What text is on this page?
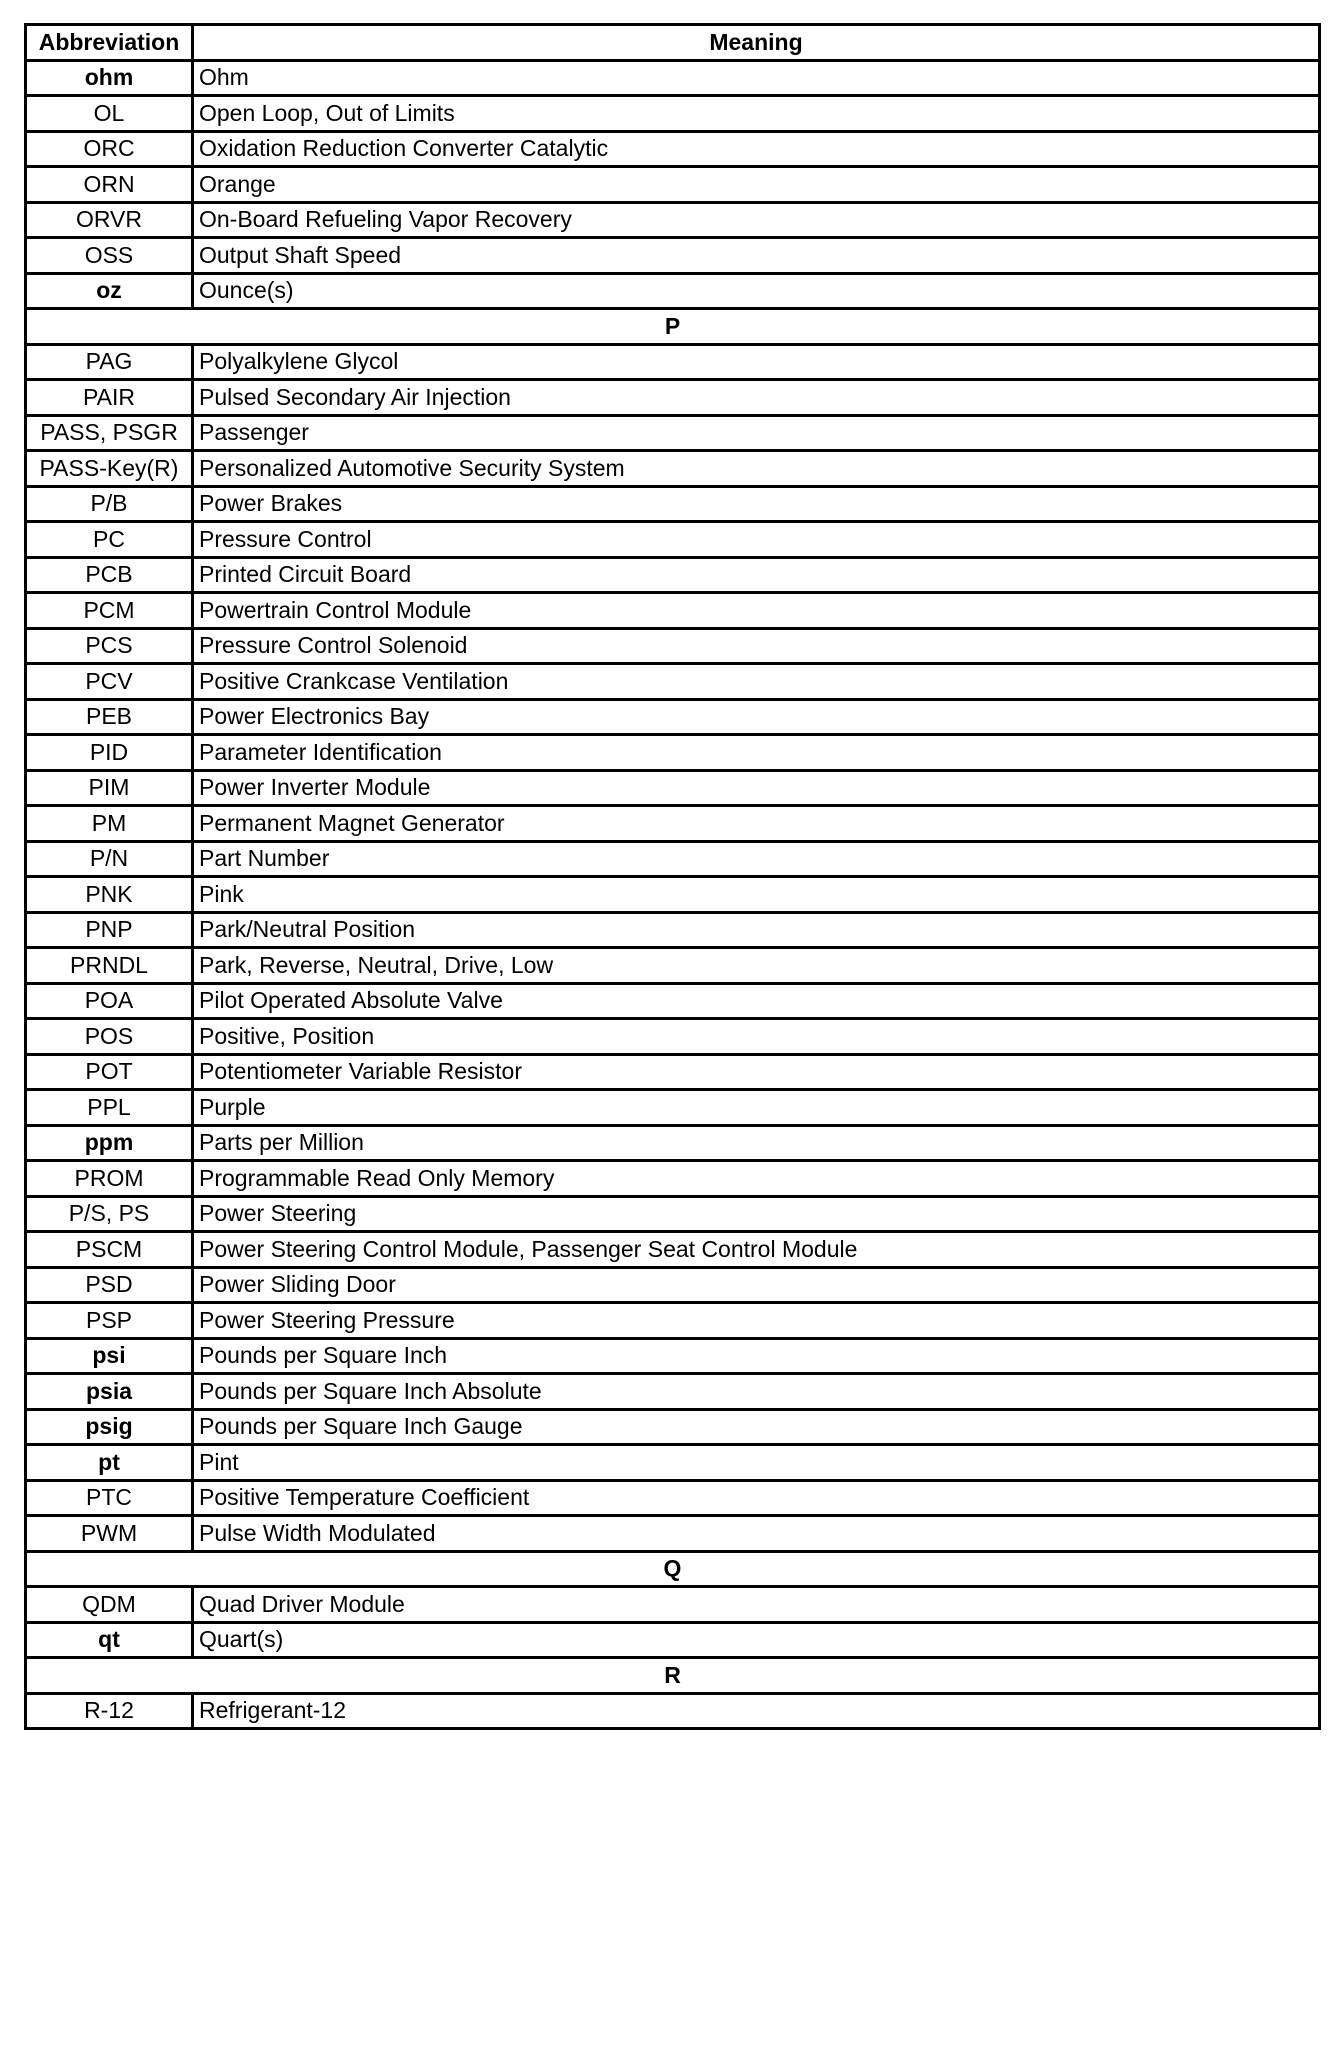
Abbreviation	Meaning
ohm	Ohm
OL	Open Loop, Out of Limits
ORC	Oxidation Reduction Converter Catalytic
ORN	Orange
ORVR	On-Board Refueling Vapor Recovery
OSS	Output Shaft Speed
oz	Ounce(s)
P	
PAG	Polyalkylene Glycol
PAIR	Pulsed Secondary Air Injection
PASS, PSGR	Passenger
PASS-Key(R)	Personalized Automotive Security System
P/B	Power Brakes
PC	Pressure Control
PCB	Printed Circuit Board
PCM	Powertrain Control Module
PCS	Pressure Control Solenoid
PCV	Positive Crankcase Ventilation
PEB	Power Electronics Bay
PID	Parameter Identification
PIM	Power Inverter Module
PM	Permanent Magnet Generator
P/N	Part Number
PNK	Pink
PNP	Park/Neutral Position
PRNDL	Park, Reverse, Neutral, Drive, Low
POA	Pilot Operated Absolute Valve
POS	Positive, Position
POT	Potentiometer Variable Resistor
PPL	Purple
ppm	Parts per Million
PROM	Programmable Read Only Memory
P/S, PS	Power Steering
PSCM	Power Steering Control Module, Passenger Seat Control Module
PSD	Power Sliding Door
PSP	Power Steering Pressure
psi	Pounds per Square Inch
psia	Pounds per Square Inch Absolute
psig	Pounds per Square Inch Gauge
pt	Pint
PTC	Positive Temperature Coefficient
PWM	Pulse Width Modulated
Q	
QDM	Quad Driver Module
qt	Quart(s)
R	
R-12	Refrigerant-12
